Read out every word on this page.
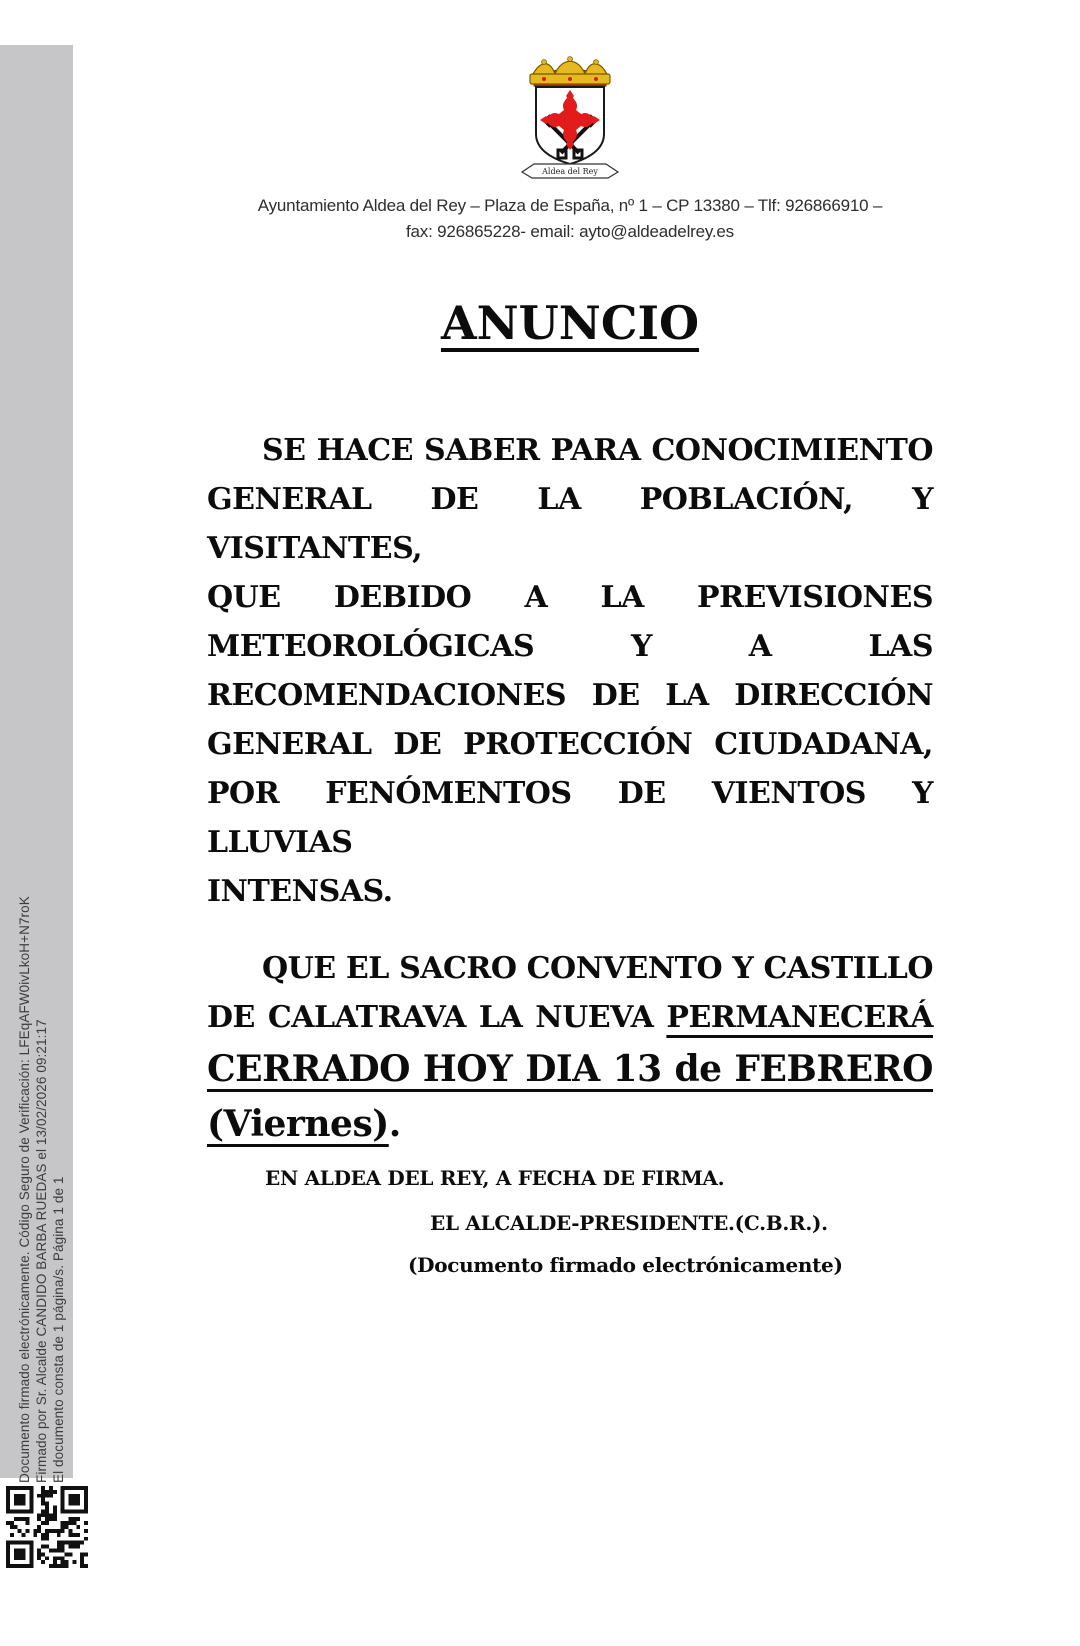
Documento firmado electrónicamente. Código Seguro de Verificación: LFEqAFW0ivLkoH+N7roK Firmado por Sr. Alcalde CANDIDO BARBA RUEDAS el 13/02/2026 09:21:17 El documento consta de 1 página/s. Página 1 de 1
Aldea del Rey
Ayuntamiento Aldea del Rey – Plaza de España, nº 1 – CP 13380 – Tlf: 926866910 –
fax: 926865228- email: ayto@aldeadelrey.es
ANUNCIO
SE HACE SABER PARA CONOCIMIENTO
GENERAL DE LA POBLACIÓN, Y VISITANTES,
QUE DEBIDO A LA PREVISIONES
METEOROLÓGICAS Y A LAS
RECOMENDACIONES DE LA DIRECCIÓN
GENERAL DE PROTECCIÓN CIUDADANA,
POR FENÓMENTOS DE VIENTOS Y LLUVIAS
INTENSAS.
QUE EL SACRO CONVENTO Y CASTILLO
DE CALATRAVA LA NUEVA PERMANECERÁ
CERRADO HOY DIA 13 de FEBRERO
(Viernes).
EN ALDEA DEL REY, A FECHA DE FIRMA.
EL ALCALDE-PRESIDENTE.(C.B.R.).
(Documento firmado electrónicamente)
